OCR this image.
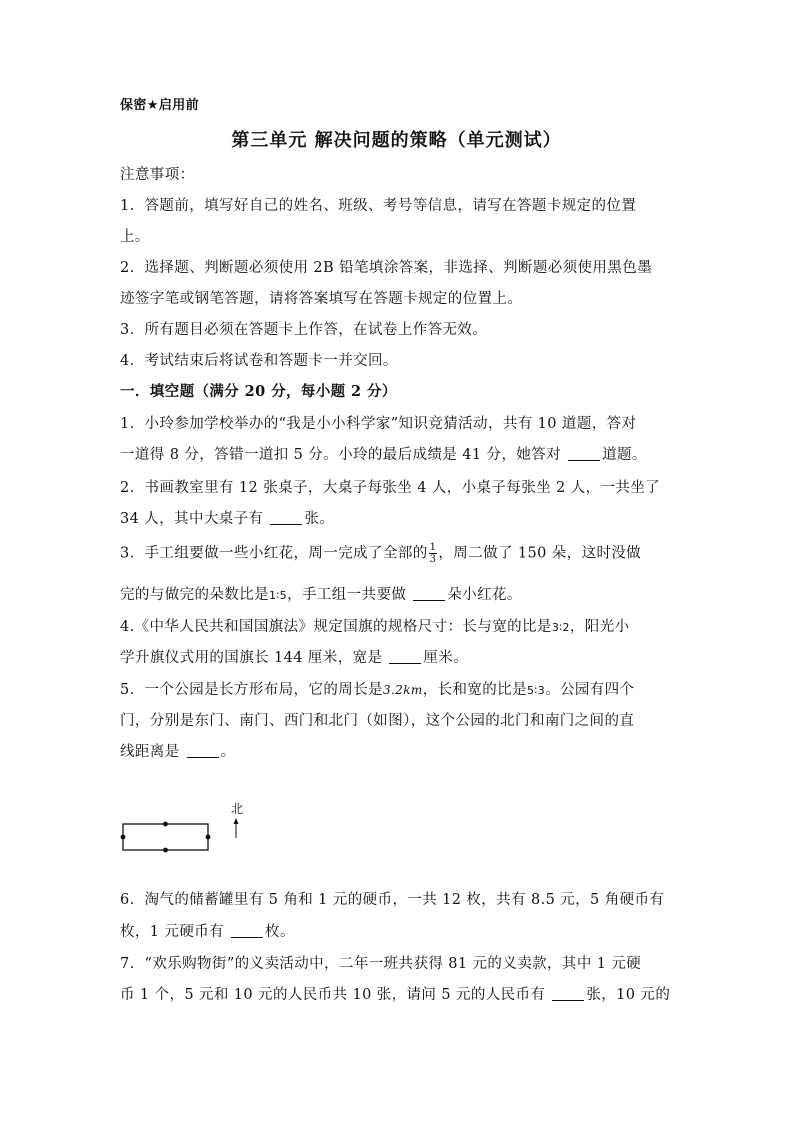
保密★启用前
第三单元 解决问题的策略（单元测试）
注意事项：
1．答题前，填写好自己的姓名、班级、考号等信息，请写在答题卡规定的位置
上。
2．选择题、判断题必须使用 2B 铅笔填涂答案，非选择、判断题必须使用黑色墨
迹签字笔或钢笔答题，请将答案填写在答题卡规定的位置上。
3．所有题目必须在答题卡上作答，在试卷上作答无效。
4．考试结束后将试卷和答题卡一并交回。
一．填空题（满分 20 分，每小题 2 分）
1．小玲参加学校举办的“我是小小科学家”知识竞猜活动，共有 10 道题，答对
一道得 8 分，答错一道扣 5 分。小玲的最后成绩是 41 分，她答对 道题。
2．书画教室里有 12 张桌子，大桌子每张坐 4 人，小桌子每张坐 2 人，一共坐了
34 人，其中大桌子有 张。
3．手工组要做一些小红花，周一完成了全部的 $\frac{1}{3}$ ，周二做了 150 朵，这时没做
完的与做完的朵数比是1∶5，手工组一共要做 朵小红花。
4.《中华人民共和国国旗法》规定国旗的规格尺寸：长与宽的比是3∶2，阳光小
学升旗仪式用的国旗长 144 厘米，宽是 厘米。
5．一个公园是长方形布局，它的周长是3.2km，长和宽的比是5∶3。公园有四个
门，分别是东门、南门、西门和北门（如图），这个公园的北门和南门之间的直
线距离是 。
北
6．淘气的储蓄罐里有 5 角和 1 元的硬币，一共 12 枚，共有 8.5 元，5 角硬币有
枚，1 元硬币有 枚。
7．“欢乐购物街”的义卖活动中，二年一班共获得 81 元的义卖款，其中 1 元硬
币 1 个，5 元和 10 元的人民币共 10 张，请问 5 元的人民币有 张，10 元的
